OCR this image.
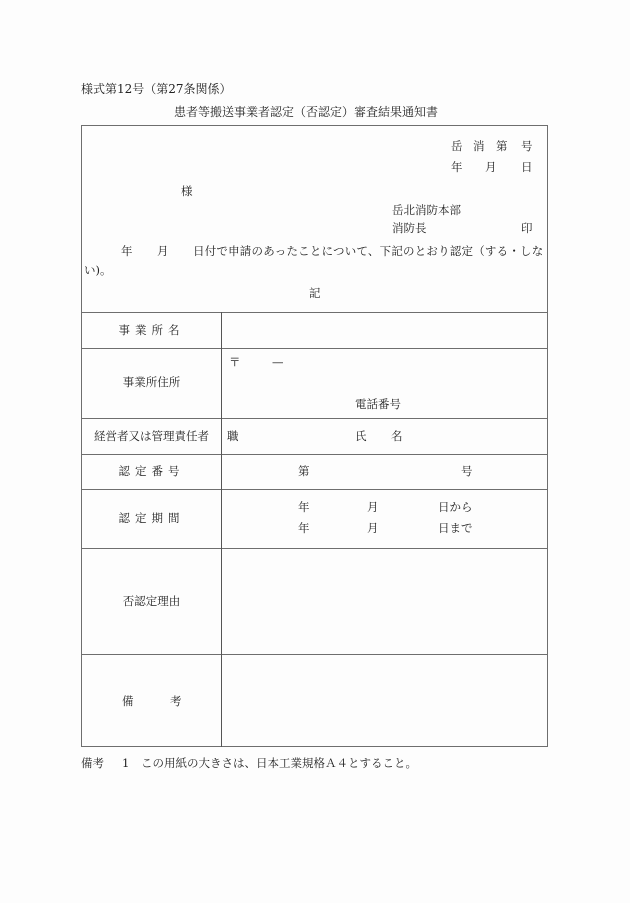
様式第12号（第27条関係）
患者等搬送事業者認定（否認定）審査結果通知書
岳 消 第 号
年 月 日
様
岳北消防本部
消防長	印
年 月 日付で申請のあったことについて、下記のとおり認定（する・しな
い)。
記
事業所名
事業所住所
〒	—
電話番号
経営者又は管理責任者	職	氏 名
認定番号	第	号
認定期間
年	月	日から
年	月	日まで
否認定理由
備	考
備考 1 この用紙の大きさは、日本工業規格Ａ４とすること。
